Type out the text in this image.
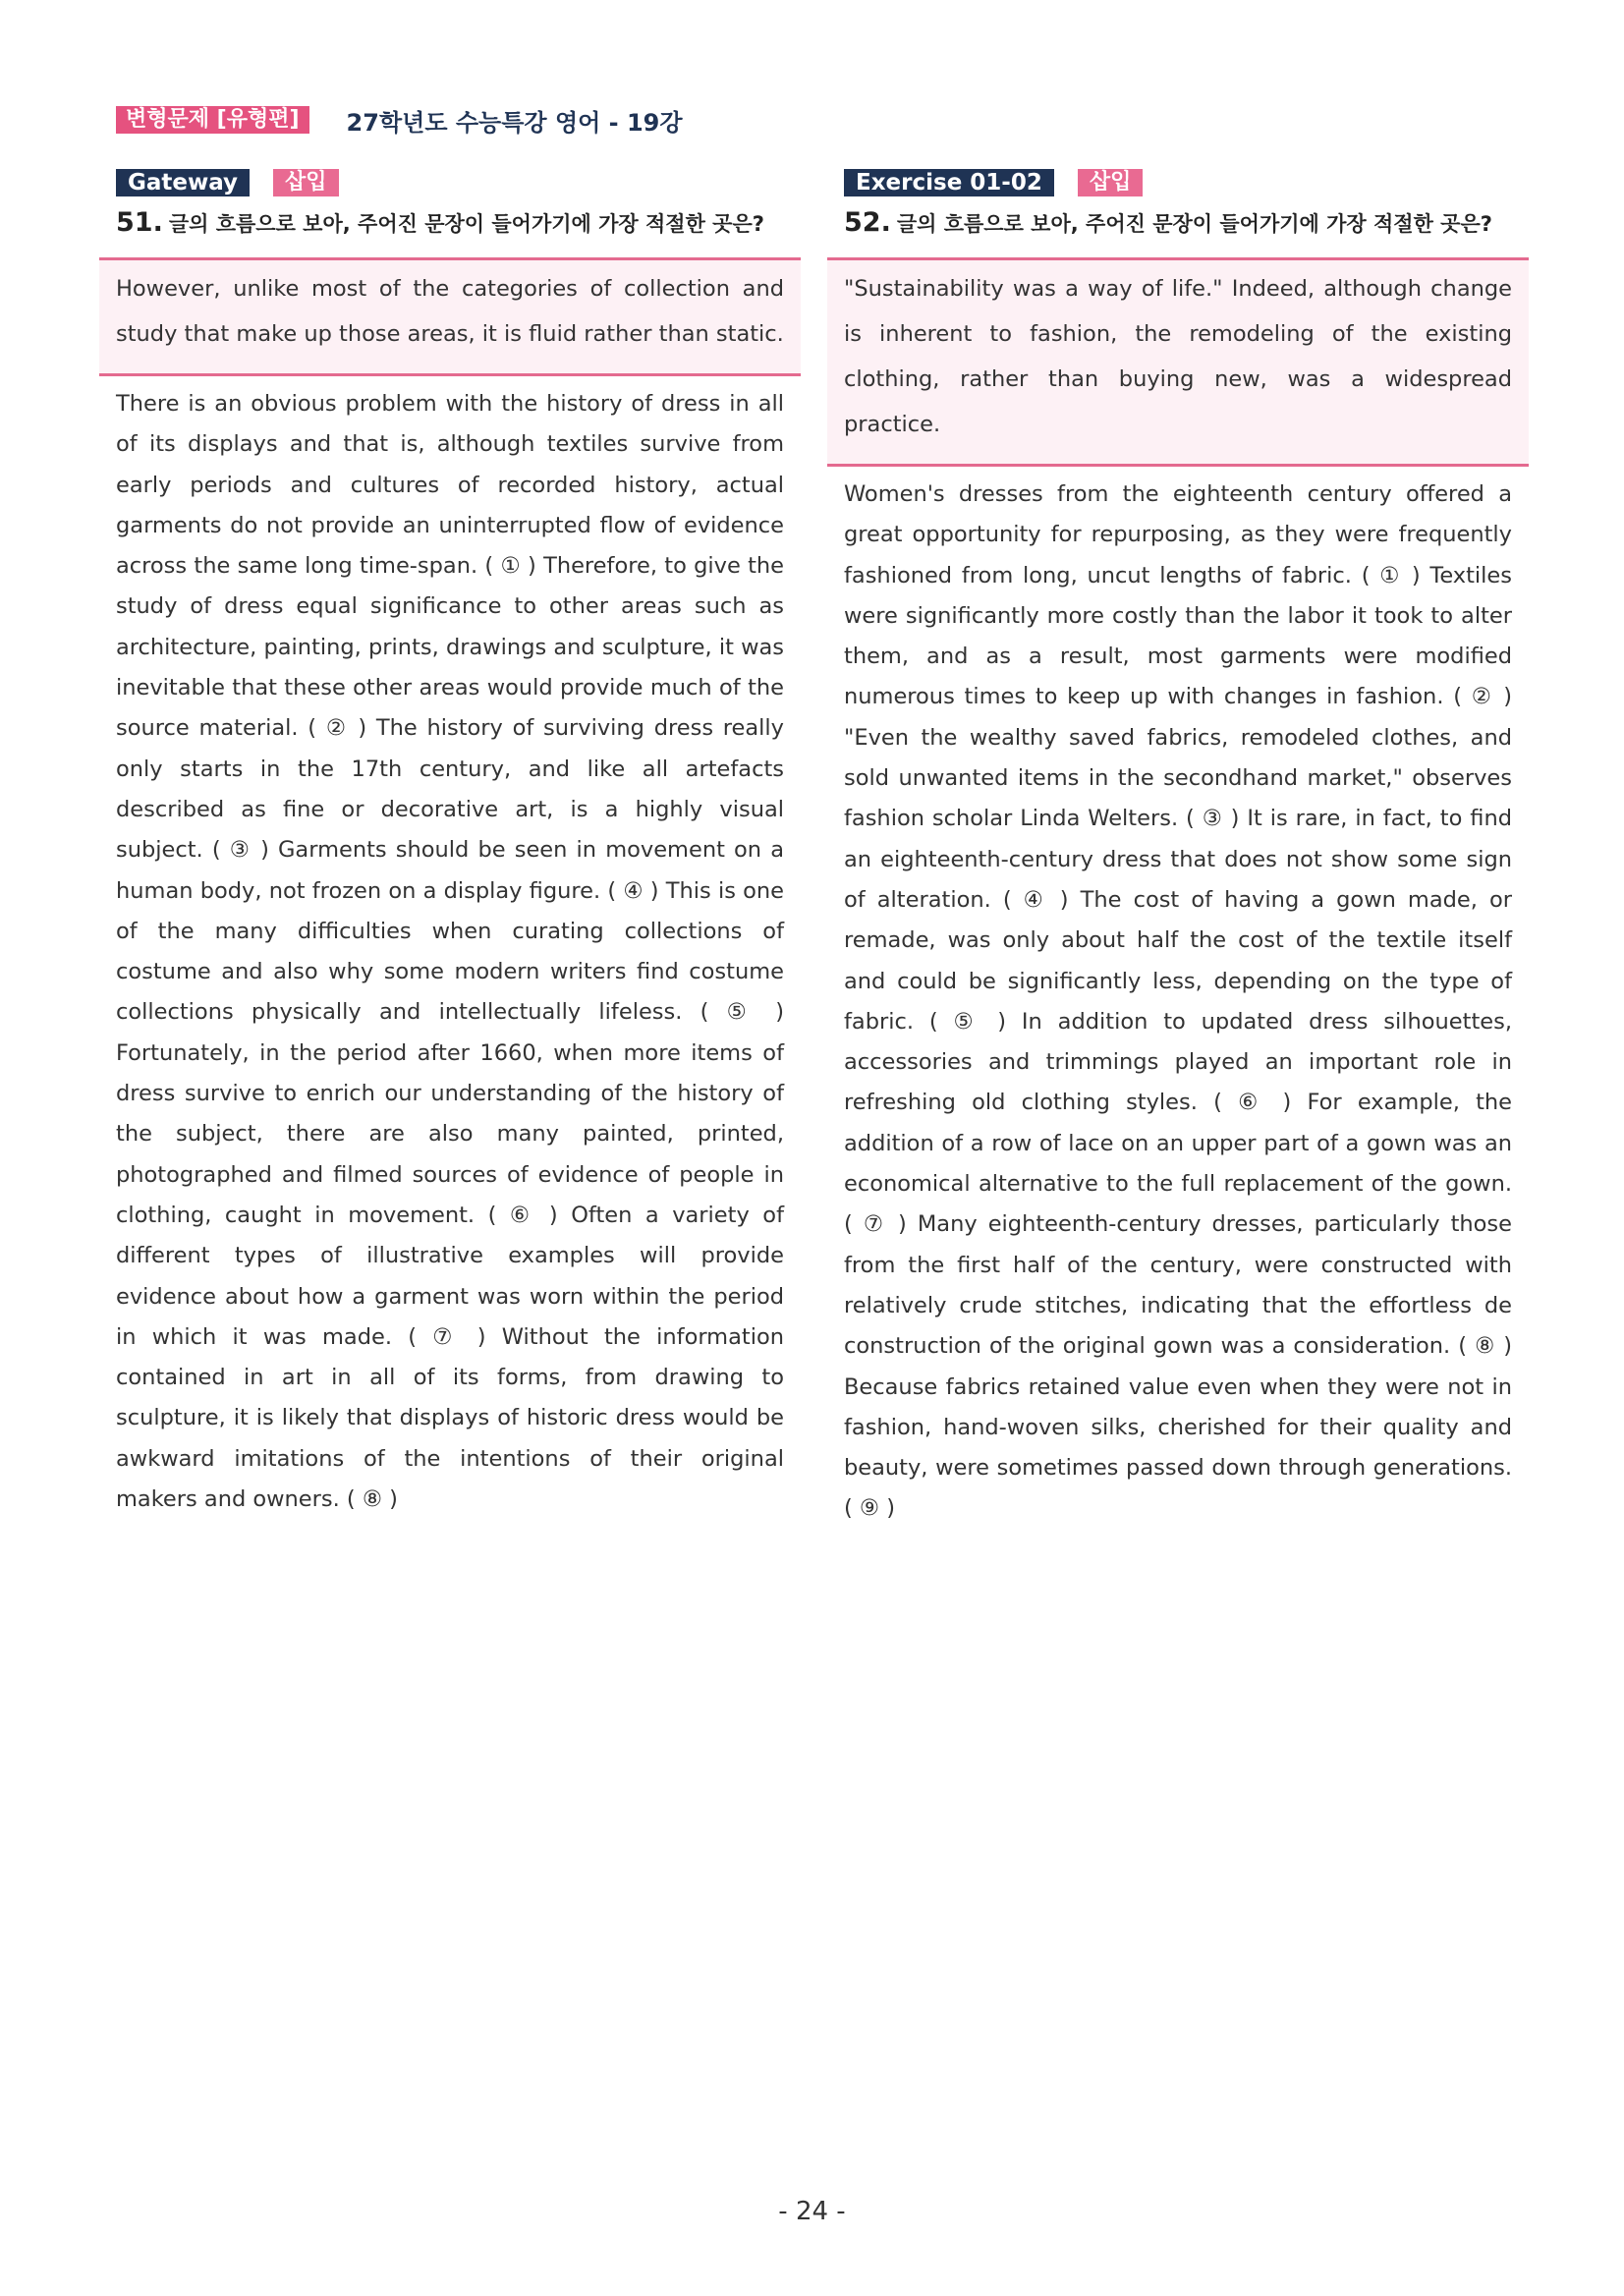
변형문제 [유형편]	27학년도 수능특강 영어 - 19강
Gateway	삽입
51. 글의 흐름으로 보아, 주어진 문장이 들어가기에 가장 적절한 곳은?
However, unlike most of the categories of collection and study that make up those areas, it is fluid rather than static.
There is an obvious problem with the history of dress in all of its displays and that is, although textiles survive from early periods and cultures of recorded history, actual garments do not provide an uninterrupted flow of evidence across the same long time-span. ( ① ) Therefore, to give the study of dress equal significance to other areas such as architecture, painting, prints, drawings and sculpture, it was inevitable that these other areas would provide much of the source material. ( ② ) The history of surviving dress really only starts in the 17th century, and like all artefacts described as fine or decorative art, is a highly visual subject. ( ③ ) Garments should be seen in movement on a human body, not frozen on a display figure. ( ④ ) This is one of the many difficulties when curating collections of costume and also why some modern writers find costume collections physically and intellectually lifeless. ( ⑤ ) Fortunately, in the period after 1660, when more items of dress survive to enrich our understanding of the history of the subject, there are also many painted, printed, photographed and filmed sources of evidence of people in clothing, caught in movement. ( ⑥ ) Often a variety of different types of illustrative examples will provide evidence about how a garment was worn within the period in which it was made. ( ⑦ ) Without the information contained in art in all of its forms, from drawing to sculpture, it is likely that displays of historic dress would be awkward imitations of the intentions of their original makers and owners. ( ⑧ )
Exercise 01-02	삽입
52. 글의 흐름으로 보아, 주어진 문장이 들어가기에 가장 적절한 곳은?
"Sustainability was a way of life." Indeed, although change is inherent to fashion, the remodeling of the existing clothing, rather than buying new, was a widespread practice.
Women's dresses from the eighteenth century offered a great opportunity for repurposing, as they were frequently fashioned from long, uncut lengths of fabric. ( ① ) Textiles were significantly more costly than the labor it took to alter them, and as a result, most garments were modified numerous times to keep up with changes in fashion. ( ② ) "Even the wealthy saved fabrics, remodeled clothes, and sold unwanted items in the secondhand market," observes fashion scholar Linda Welters. ( ③ ) It is rare, in fact, to find an eighteenth-century dress that does not show some sign of alteration. ( ④ ) The cost of having a gown made, or remade, was only about half the cost of the textile itself and could be significantly less, depending on the type of fabric. ( ⑤ ) In addition to updated dress silhouettes, accessories and trimmings played an important role in refreshing old clothing styles. ( ⑥ ) For example, the addition of a row of lace on an upper part of a gown was an economical alternative to the full replacement of the gown. ( ⑦ ) Many eighteenth-century dresses, particularly those from the first half of the century, were constructed with relatively crude stitches, indicating that the effortless de construction of the original gown was a consideration. ( ⑧ ) Because fabrics retained value even when they were not in fashion, hand-woven silks, cherished for their quality and beauty, were sometimes passed down through generations. ( ⑨ )
- 24 -
